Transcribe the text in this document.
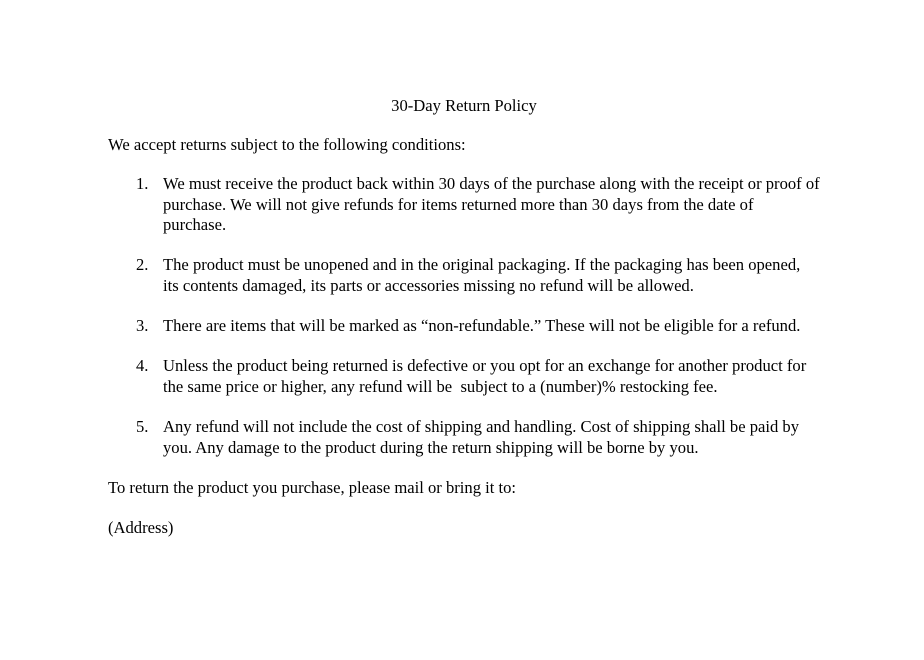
30-Day Return Policy

We accept returns subject to the following conditions:

1. We must receive the product back within 30 days of the purchase along with the receipt or proof of purchase. We will not give refunds for items returned more than 30 days from the date of purchase.
2. The product must be unopened and in the original packaging. If the packaging has been opened, its contents damaged, its parts or accessories missing no refund will be allowed.
3. There are items that will be marked as “non-refundable.” These will not be eligible for a refund.
4. Unless the product being returned is defective or you opt for an exchange for another product for the same price or higher, any refund will be  subject to a (number)% restocking fee.
5. Any refund will not include the cost of shipping and handling. Cost of shipping shall be paid by you. Any damage to the product during the return shipping will be borne by you.

To return the product you purchase, please mail or bring it to:

(Address)
